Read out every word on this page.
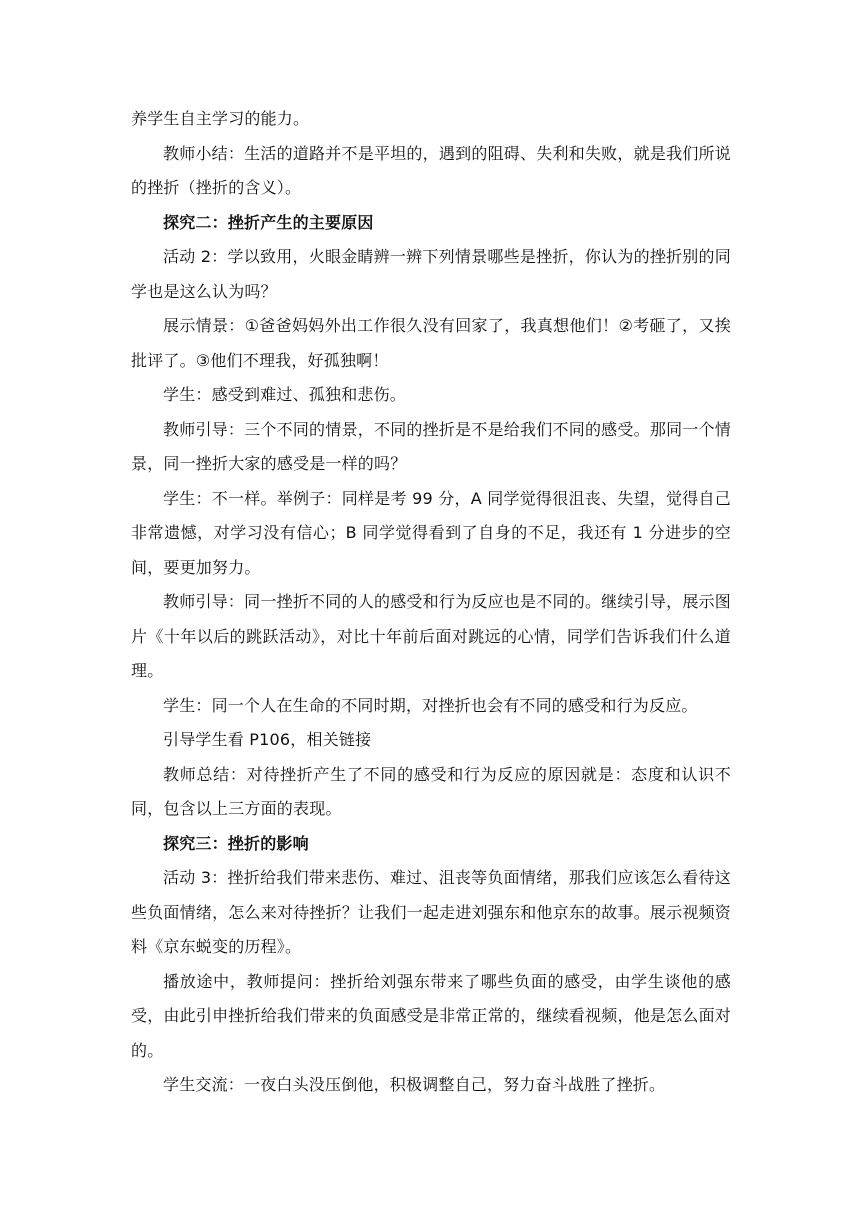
养学生自主学习的能力。

教师小结：生活的道路并不是平坦的，遇到的阻碍、失利和失败，就是我们所说的挫折（挫折的含义）。

探究二：挫折产生的主要原因

活动 2：学以致用，火眼金睛辨一辨下列情景哪些是挫折，你认为的挫折别的同学也是这么认为吗？

展示情景：①爸爸妈妈外出工作很久没有回家了，我真想他们！②考砸了，又挨批评了。③他们不理我，好孤独啊！

学生：感受到难过、孤独和悲伤。

教师引导：三个不同的情景，不同的挫折是不是给我们不同的感受。那同一个情景，同一挫折大家的感受是一样的吗？

学生：不一样。举例子：同样是考 99 分，A 同学觉得很沮丧、失望，觉得自己非常遗憾，对学习没有信心；B 同学觉得看到了自身的不足，我还有 1 分进步的空间，要更加努力。

教师引导：同一挫折不同的人的感受和行为反应也是不同的。继续引导，展示图片《十年以后的跳跃活动》，对比十年前后面对跳远的心情，同学们告诉我们什么道理。

学生：同一个人在生命的不同时期，对挫折也会有不同的感受和行为反应。

引导学生看 P106，相关链接

教师总结：对待挫折产生了不同的感受和行为反应的原因就是：态度和认识不同，包含以上三方面的表现。

探究三：挫折的影响

活动 3：挫折给我们带来悲伤、难过、沮丧等负面情绪，那我们应该怎么看待这些负面情绪，怎么来对待挫折？让我们一起走进刘强东和他京东的故事。展示视频资料《京东蜕变的历程》。

播放途中，教师提问：挫折给刘强东带来了哪些负面的感受，由学生谈他的感受，由此引申挫折给我们带来的负面感受是非常正常的，继续看视频，他是怎么面对的。

学生交流：一夜白头没压倒他，积极调整自己，努力奋斗战胜了挫折。
